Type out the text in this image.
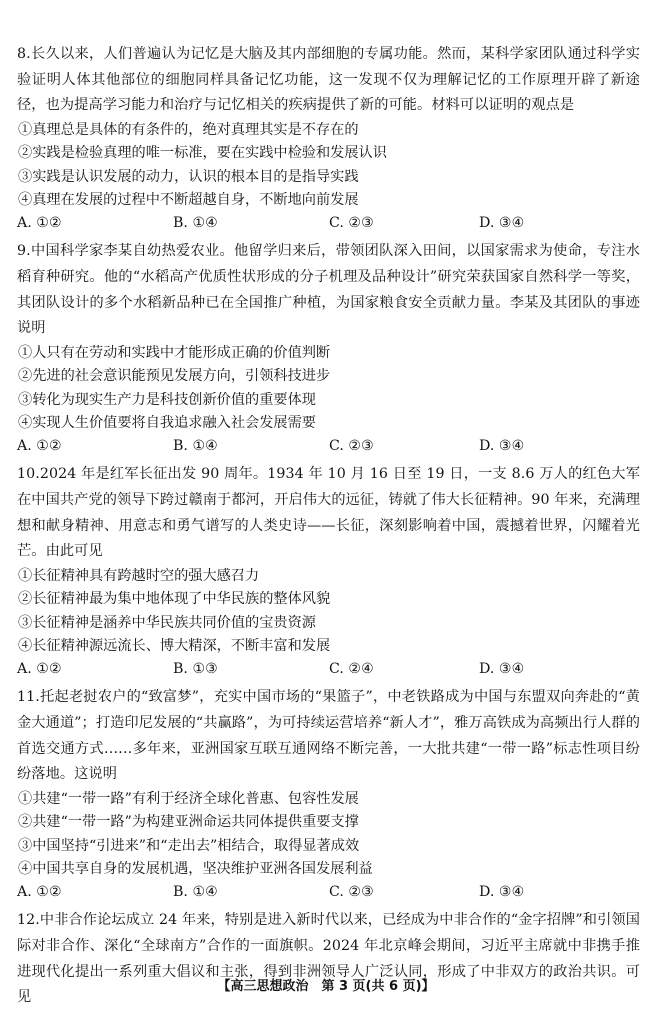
8.长久以来，人们普遍认为记忆是大脑及其内部细胞的专属功能。然而，某科学家团队通过科学实验证明人体其他部位的细胞同样具备记忆功能，这一发现不仅为理解记忆的工作原理开辟了新途径，也为提高学习能力和治疗与记忆相关的疾病提供了新的可能。材料可以证明的观点是

①真理总是具体的有条件的，绝对真理其实是不存在的

②实践是检验真理的唯一标准，要在实践中检验和发展认识

③实践是认识发展的动力，认识的根本目的是指导实践

④真理在发展的过程中不断超越自身，不断地向前发展

A. ①②	B. ①④	C. ②③	D. ③④

9.中国科学家李某自幼热爱农业。他留学归来后，带领团队深入田间，以国家需求为使命，专注水稻育种研究。他的“水稻高产优质性状形成的分子机理及品种设计”研究荣获国家自然科学一等奖，其团队设计的多个水稻新品种已在全国推广种植，为国家粮食安全贡献力量。李某及其团队的事迹说明

①人只有在劳动和实践中才能形成正确的价值判断

②先进的社会意识能预见发展方向，引领科技进步

③转化为现实生产力是科技创新价值的重要体现

④实现人生价值要将自我追求融入社会发展需要

A. ①②	B. ①④	C. ②③	D. ③④

10.2024 年是红军长征出发 90 周年。1934 年 10 月 16 日至 19 日，一支 8.6 万人的红色大军在中国共产党的领导下跨过赣南于都河，开启伟大的远征，铸就了伟大长征精神。90 年来，充满理想和献身精神、用意志和勇气谱写的人类史诗——长征，深刻影响着中国，震撼着世界，闪耀着光芒。由此可见

①长征精神具有跨越时空的强大感召力

②长征精神最为集中地体现了中华民族的整体风貌

③长征精神是涵养中华民族共同价值的宝贵资源

④长征精神源远流长、博大精深，不断丰富和发展

A. ①②	B. ①③	C. ②④	D. ③④

11.托起老挝农户的“致富梦”，充实中国市场的“果篮子”，中老铁路成为中国与东盟双向奔赴的“黄金大通道”；打造印尼发展的“共赢路”，为可持续运营培养“新人才”，雅万高铁成为高频出行人群的首选交通方式……多年来，亚洲国家互联互通网络不断完善，一大批共建“一带一路”标志性项目纷纷落地。这说明

①共建“一带一路”有利于经济全球化普惠、包容性发展

②共建“一带一路”为构建亚洲命运共同体提供重要支撑

③中国坚持“引进来”和“走出去”相结合，取得显著成效

④中国共享自身的发展机遇，坚决维护亚洲各国发展利益

A. ①②	B. ①④	C. ②③	D. ③④

12.中非合作论坛成立 24 年来，特别是进入新时代以来，已经成为中非合作的“金字招牌”和引领国际对非合作、深化“全球南方”合作的一面旗帜。2024 年北京峰会期间，习近平主席就中非携手推进现代化提出一系列重大倡议和主张，得到非洲领导人广泛认同，形成了中非双方的政治共识。可见

【高三思想政治　第 3 页(共 6 页)】
